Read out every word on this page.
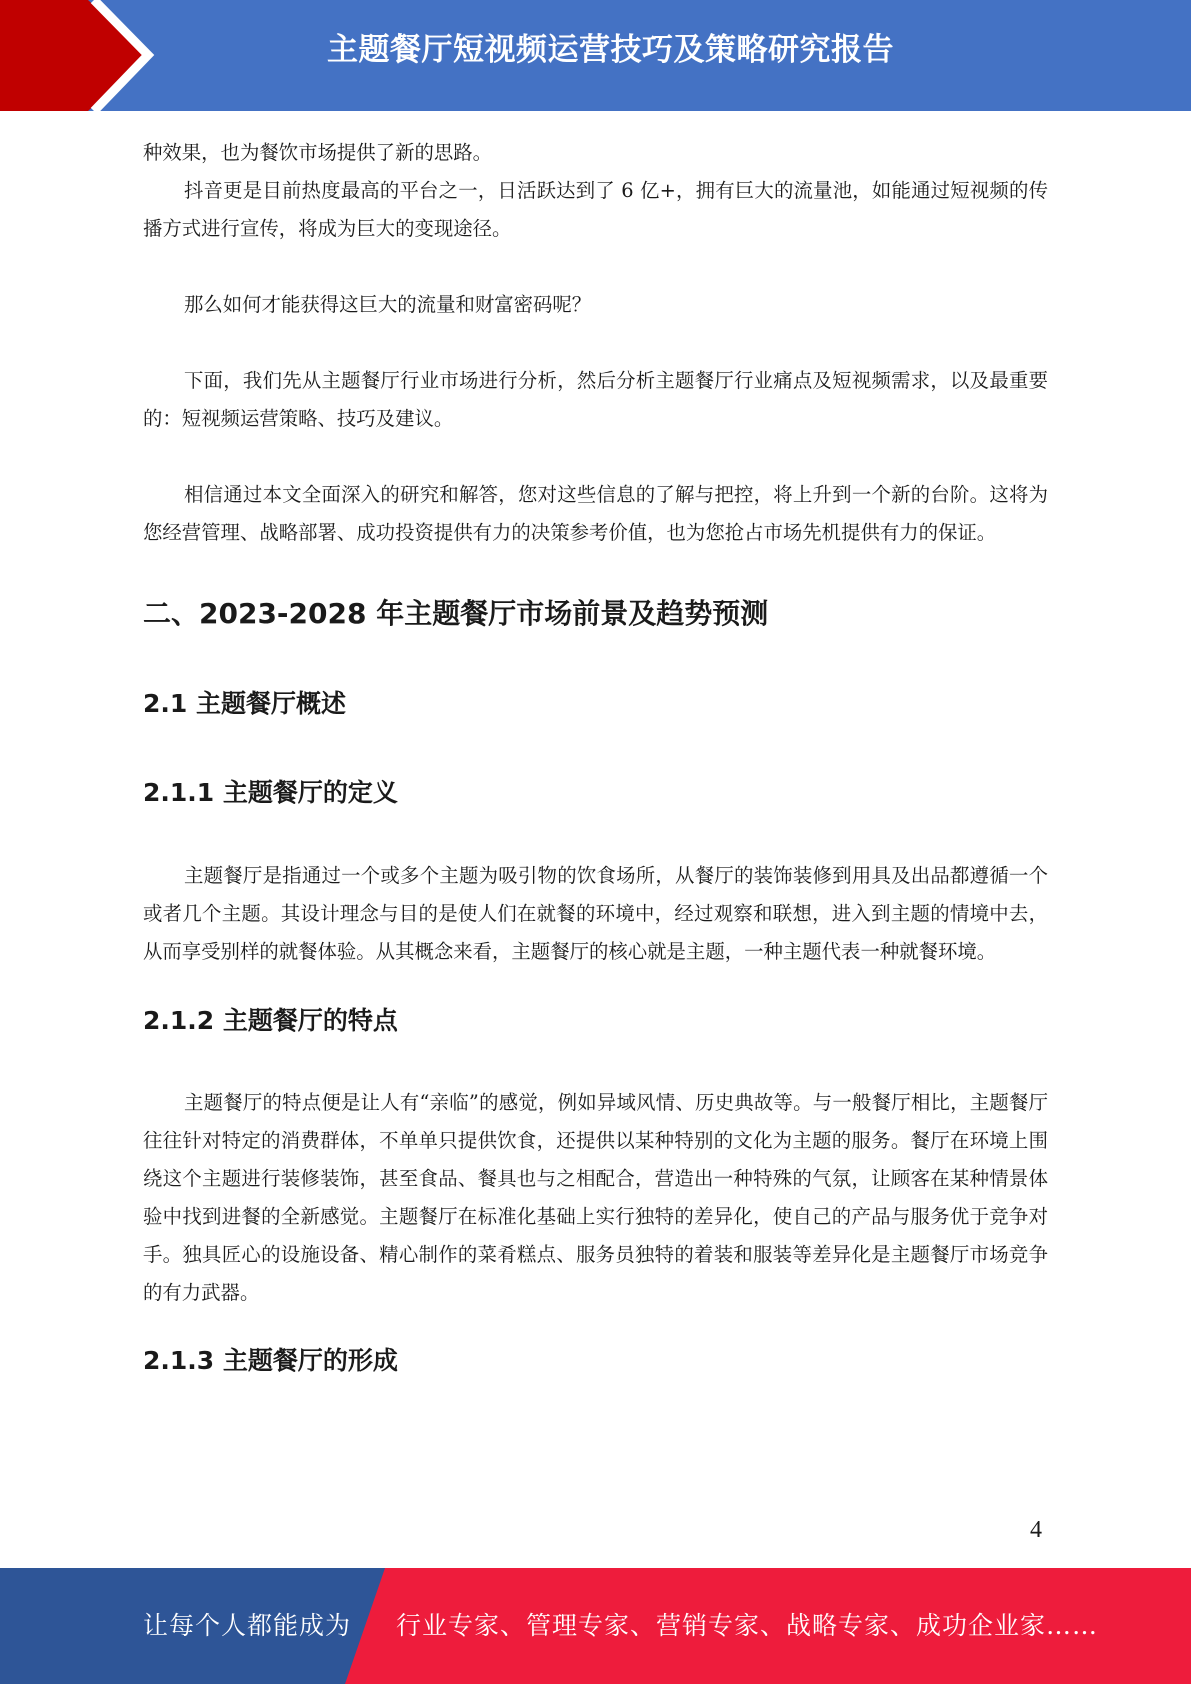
主题餐厅短视频运营技巧及策略研究报告

种效果，也为餐饮市场提供了新的思路。

抖音更是目前热度最高的平台之一，日活跃达到了 6 亿+，拥有巨大的流量池，如能通过短视频的传播方式进行宣传，将成为巨大的变现途径。

那么如何才能获得这巨大的流量和财富密码呢？

下面，我们先从主题餐厅行业市场进行分析，然后分析主题餐厅行业痛点及短视频需求，以及最重要的：短视频运营策略、技巧及建议。

相信通过本文全面深入的研究和解答，您对这些信息的了解与把控，将上升到一个新的台阶。这将为您经营管理、战略部署、成功投资提供有力的决策参考价值，也为您抢占市场先机提供有力的保证。

二、2023-2028 年主题餐厅市场前景及趋势预测
2.1 主题餐厅概述
2.1.1 主题餐厅的定义

主题餐厅是指通过一个或多个主题为吸引物的饮食场所，从餐厅的装饰装修到用具及出品都遵循一个或者几个主题。其设计理念与目的是使人们在就餐的环境中，经过观察和联想，进入到主题的情境中去，从而享受别样的就餐体验。从其概念来看，主题餐厅的核心就是主题，一种主题代表一种就餐环境。

2.1.2 主题餐厅的特点

主题餐厅的特点便是让人有“亲临”的感觉，例如异域风情、历史典故等。与一般餐厅相比，主题餐厅往往针对特定的消费群体，不单单只提供饮食，还提供以某种特别的文化为主题的服务。餐厅在环境上围绕这个主题进行装修装饰，甚至食品、餐具也与之相配合，营造出一种特殊的气氛，让顾客在某种情景体验中找到进餐的全新感觉。主题餐厅在标准化基础上实行独特的差异化，使自己的产品与服务优于竞争对手。独具匠心的设施设备、精心制作的菜肴糕点、服务员独特的着装和服装等差异化是主题餐厅市场竞争的有力武器。

2.1.3 主题餐厅的形成
4
让每个人都能成为 行业专家、管理专家、营销专家、战略专家、成功企业家……
